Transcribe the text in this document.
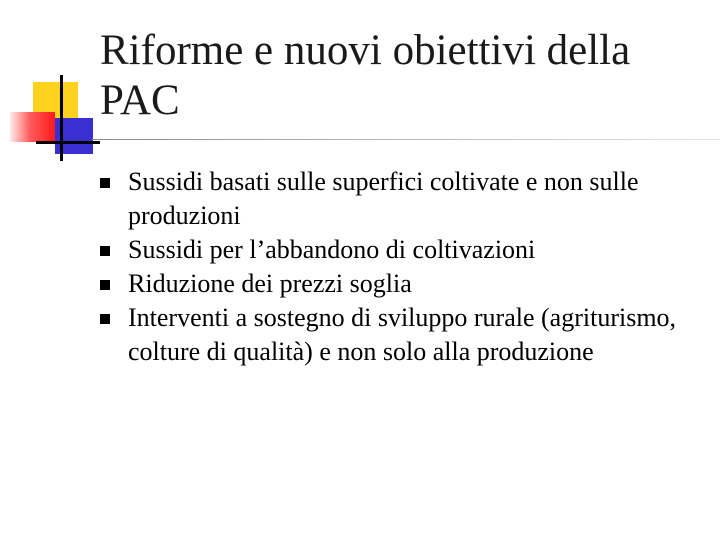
Riforme e nuovi obiettivi della PAC
Sussidi basati sulle superfici coltivate e non sulle produzioni
Sussidi per l’abbandono di coltivazioni
Riduzione dei prezzi soglia
Interventi a sostegno di sviluppo rurale (agriturismo, colture di qualità) e non solo alla produzione
